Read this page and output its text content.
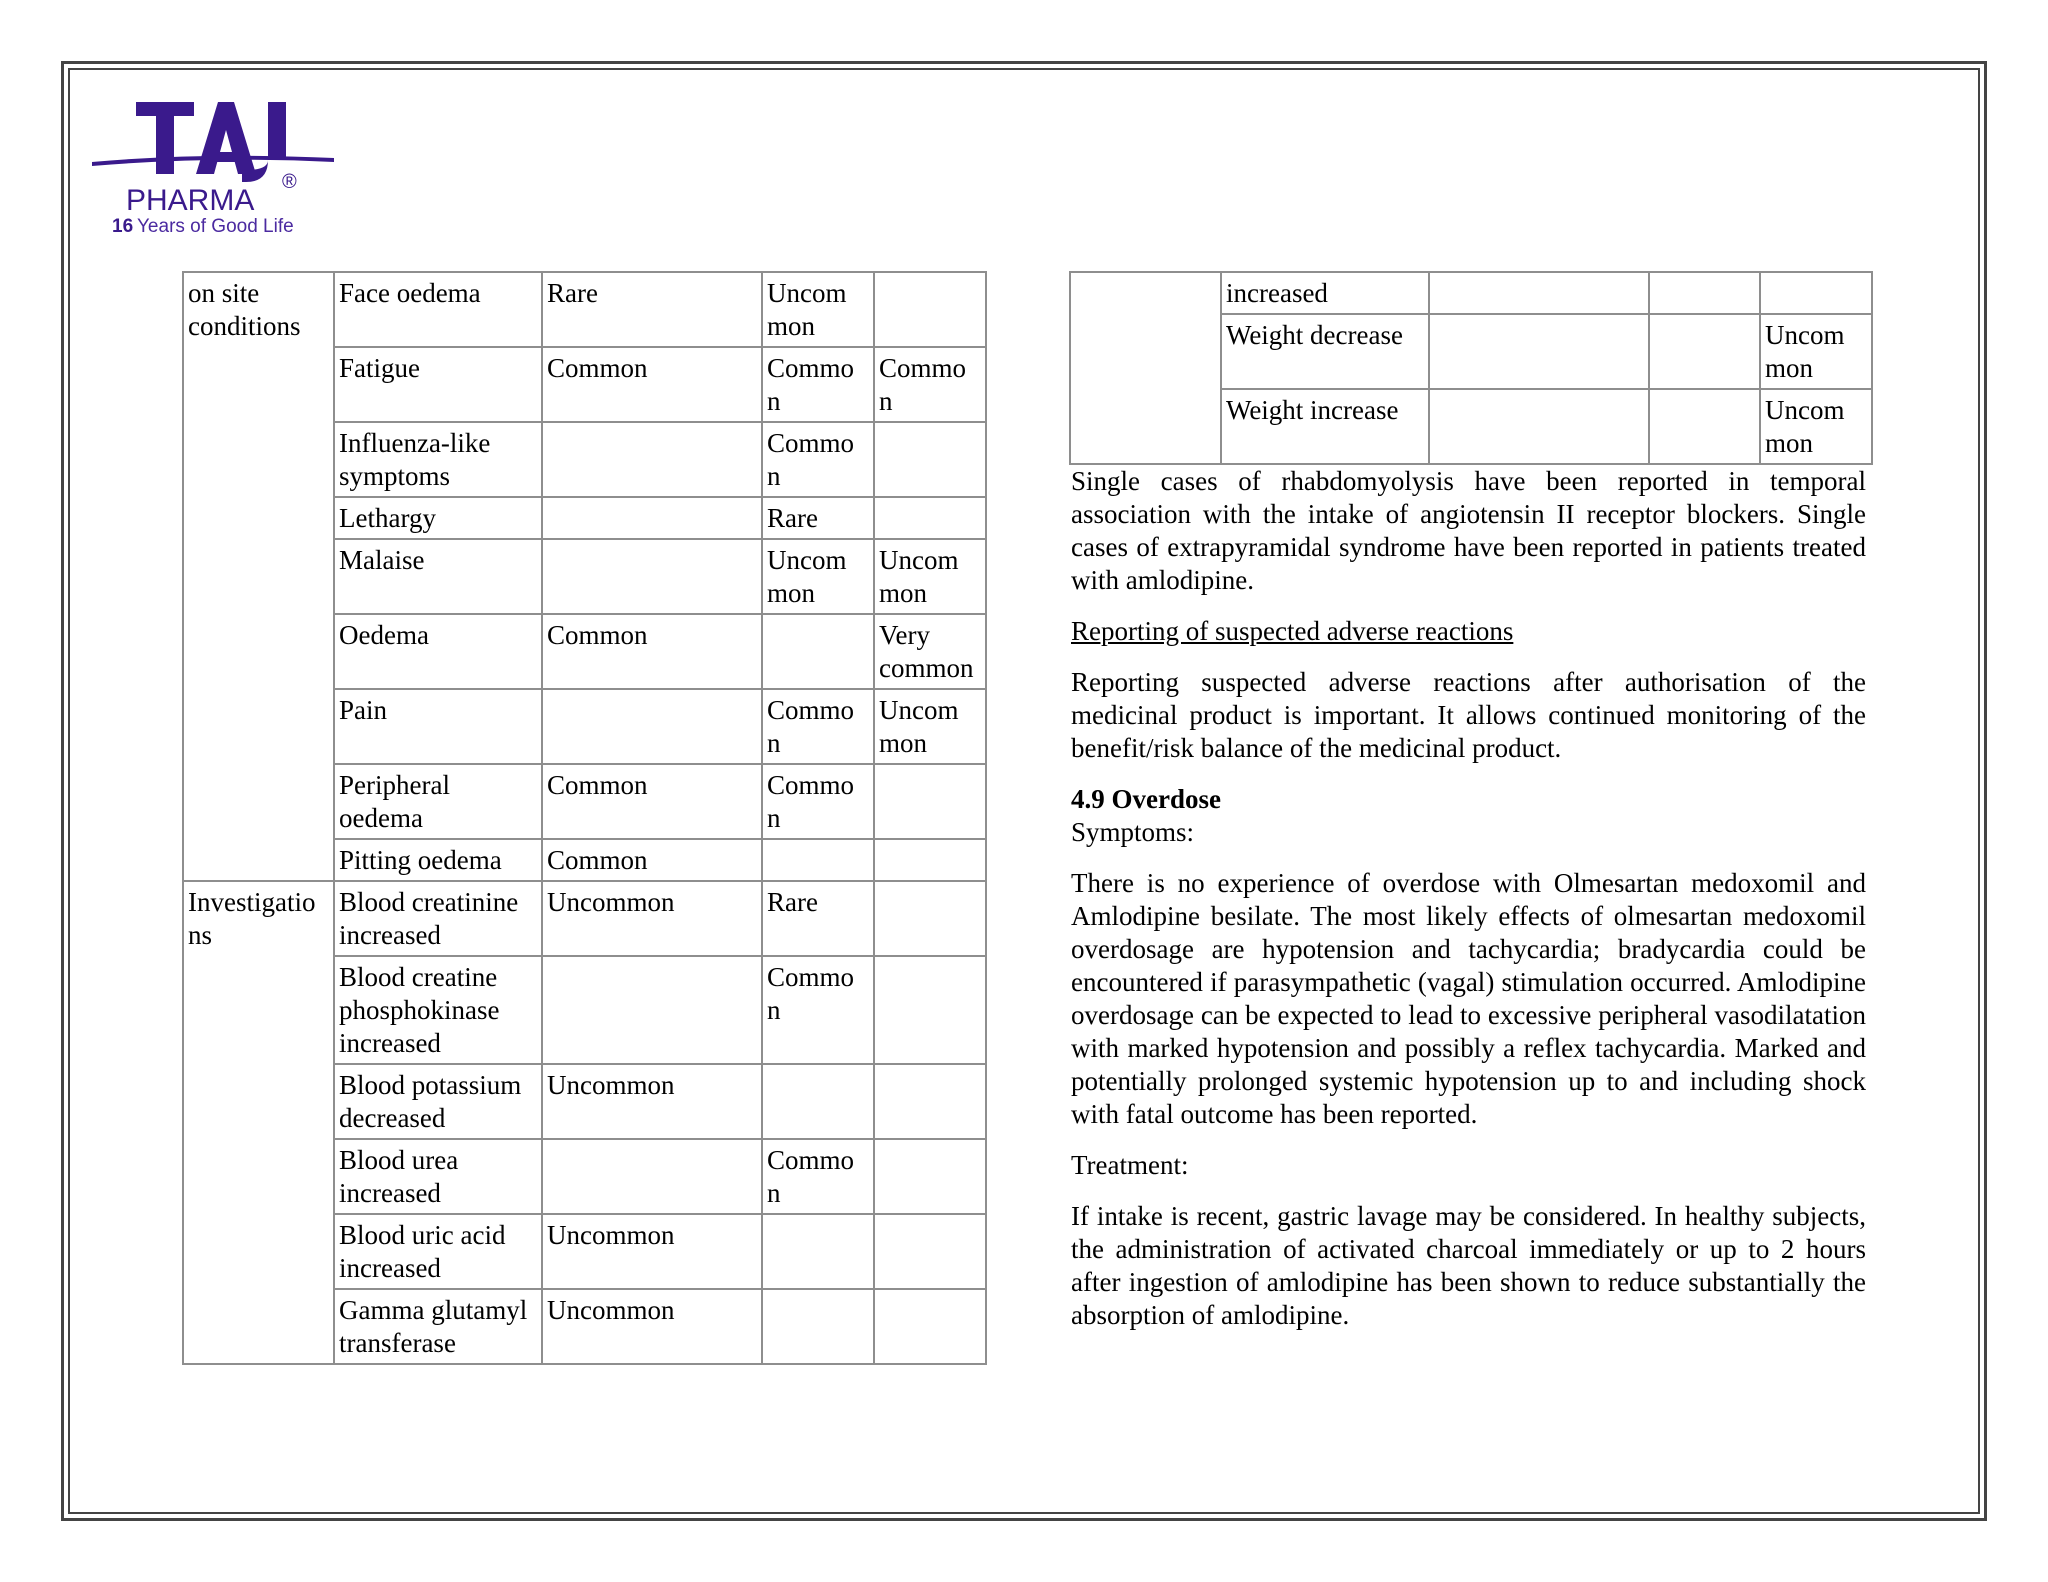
®
PHARMA
16 Years of Good Life
on site conditions	Face oedema	Rare	Uncom mon	
	Fatigue	Common	Commo n	Commo n
	Influenza-like symptoms		Commo n	
	Lethargy		Rare	
	Malaise		Uncom mon	Uncom mon
	Oedema	Common		Very common
	Pain		Commo n	Uncom mon
	Peripheral oedema	Common	Commo n	
	Pitting oedema	Common		
Investigatio ns	Blood creatinine increased	Uncommon	Rare	
	Blood creatine phosphokinase increased		Commo n	
	Blood potassium decreased	Uncommon		
	Blood urea increased		Commo n	
	Blood uric acid increased	Uncommon		
	Gamma glutamyl transferase	Uncommon		
	increased			
	Weight decrease			Uncom mon
	Weight increase			Uncom mon

Single cases of rhabdomyolysis have been reported in temporal association with the intake of angiotensin II receptor blockers. Single cases of extrapyramidal syndrome have been reported in patients treated with amlodipine.

Reporting of suspected adverse reactions

Reporting suspected adverse reactions after authorisation of the medicinal product is important. It allows continued monitoring of the benefit/risk balance of the medicinal product.

4.9 Overdose

Symptoms:

There is no experience of overdose with Olmesartan medoxomil and Amlodipine besilate. The most likely effects of olmesartan medoxomil overdosage are hypotension and tachycardia; bradycardia could be encountered if parasympathetic (vagal) stimulation occurred. Amlodipine overdosage can be expected to lead to excessive peripheral vasodilatation with marked hypotension and possibly a reflex tachycardia. Marked and potentially prolonged systemic hypotension up to and including shock with fatal outcome has been reported.

Treatment:

If intake is recent, gastric lavage may be considered. In healthy subjects, the administration of activated charcoal immediately or up to 2 hours after ingestion of amlodipine has been shown to reduce substantially the absorption of amlodipine.
